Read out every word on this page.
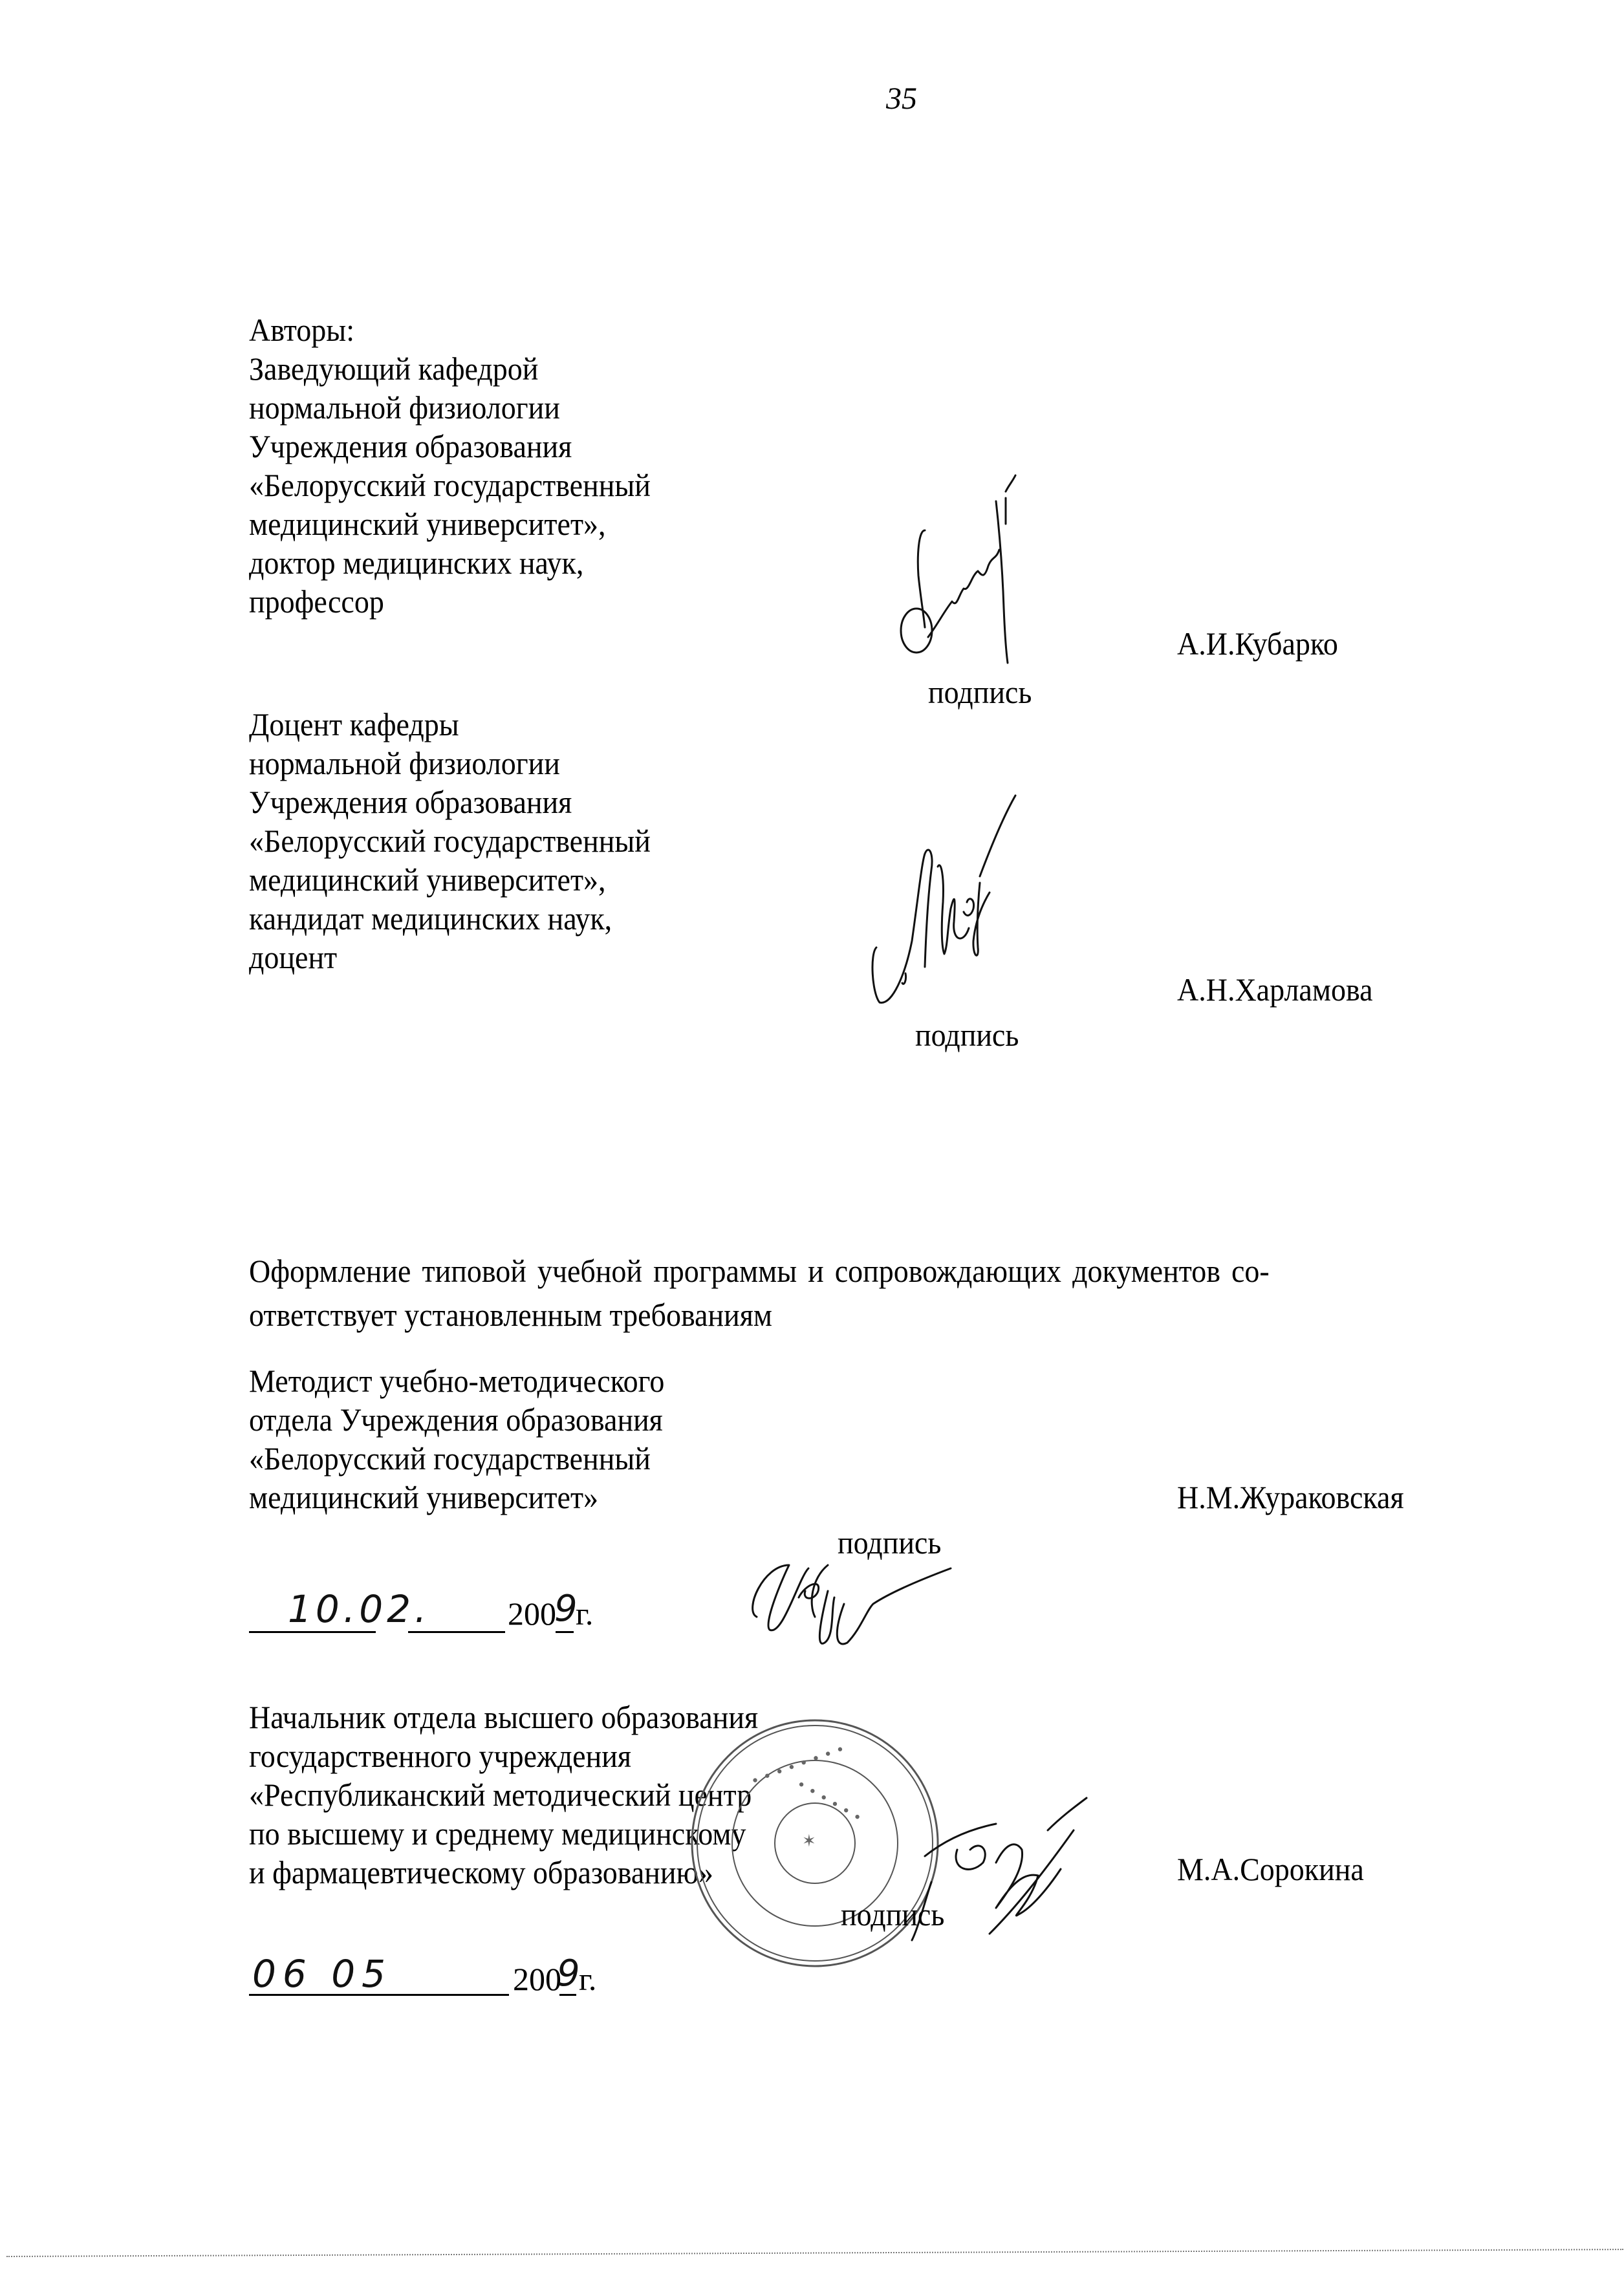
35
Авторы:
Заведующий кафедрой
нормальной физиологии
Учреждения образования
«Белорусский государственный
медицинский университет»,
доктор медицинских наук,
профессор
подпись
А.И.Кубарко
Доцент кафедры
нормальной физиологии
Учреждения образования
«Белорусский государственный
медицинский университет»,
кандидат медицинских наук,
доцент
подпись
А.Н.Харламова
Оформление типовой учебной программы и сопровождающих документов со-
ответствует установленным требованиям
Методист учебно-методического
отдела Учреждения образования
«Белорусский государственный
медицинский университет»	Н.М.Жураковская
подпись
10.02. 200
9
г.
Начальник отдела высшего образования
государственного учреждения
«Республиканский методический центр
по высшему и среднему медицинскому
и фармацевтическому образованию»
• • • • • • • •
• • • • • •
✶
подпись
М.А.Сорокина
06 05	200
9
г.
